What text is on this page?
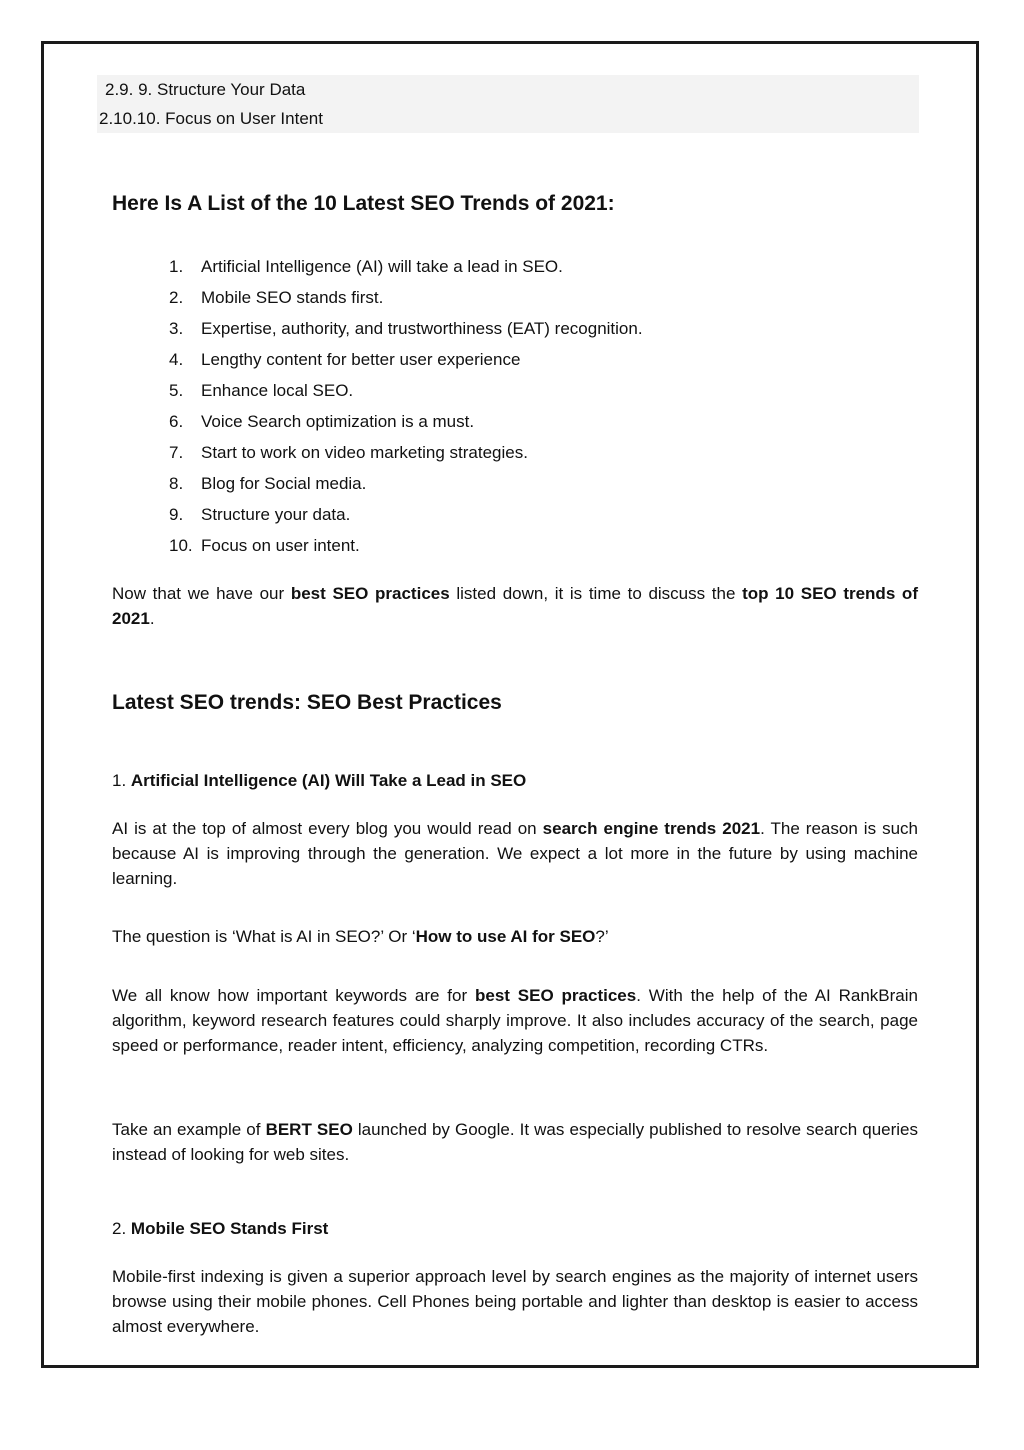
2.9. 9. Structure Your Data
2.10.10. Focus on User Intent
Here Is A List of the 10 Latest SEO Trends of 2021:
1.	Artificial Intelligence (AI) will take a lead in SEO.
2.	Mobile SEO stands first.
3.	Expertise, authority, and trustworthiness (EAT) recognition.
4.	Lengthy content for better user experience
5.	Enhance local SEO.
6.	Voice Search optimization is a must.
7.	Start to work on video marketing strategies.
8.	Blog for Social media.
9.	Structure your data.
10. Focus on user intent.

Now that we have our best SEO practices listed down, it is time to discuss the top 10 SEO trends of 2021.

Latest SEO trends: SEO Best Practices
1. Artificial Intelligence (AI) Will Take a Lead in SEO

AI is at the top of almost every blog you would read on search engine trends 2021. The reason is such because AI is improving through the generation. We expect a lot more in the future by using machine learning.

The question is ‘What is AI in SEO?’ Or ‘How to use AI for SEO?’

We all know how important keywords are for best SEO practices. With the help of the AI RankBrain algorithm, keyword research features could sharply improve. It also includes accuracy of the search, page speed or performance, reader intent, efficiency, analyzing competition, recording CTRs.

Take an example of BERT SEO launched by Google. It was especially published to resolve search queries instead of looking for web sites.

2. Mobile SEO Stands First

Mobile-first indexing is given a superior approach level by search engines as the majority of internet users browse using their mobile phones. Cell Phones being portable and lighter than desktop is easier to access almost everywhere.
